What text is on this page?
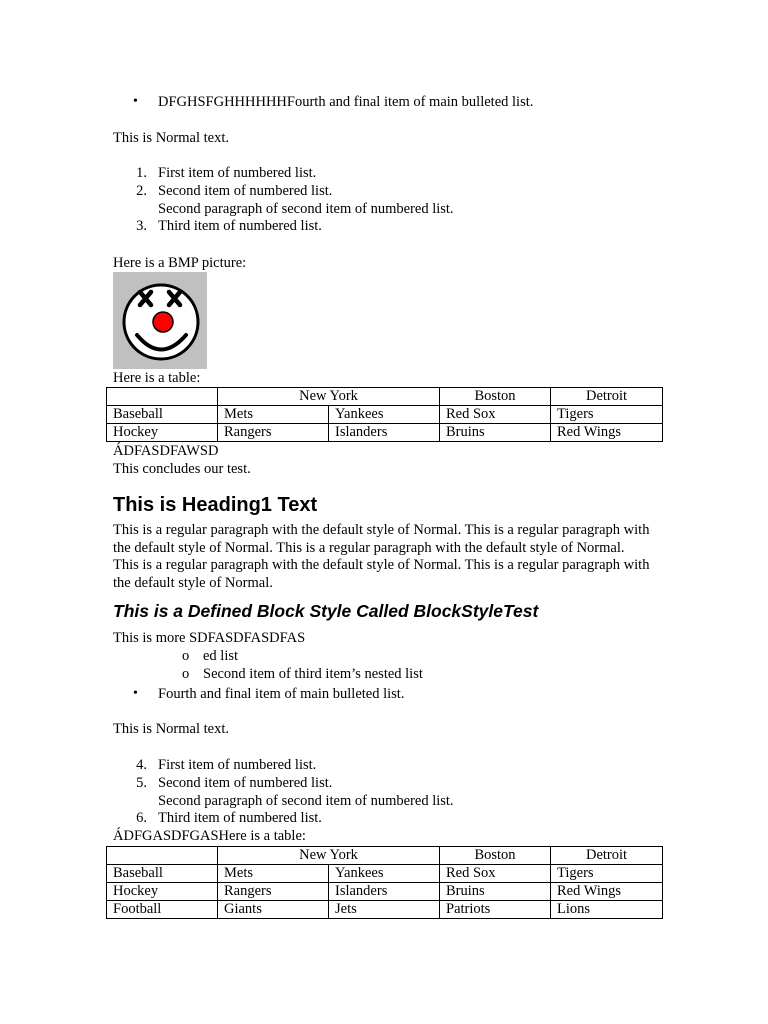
• DFGHSFGHHHHHHFourth and final item of main bulleted list.
This is Normal text.
1. First item of numbered list.
2. Second item of numbered list.
Second paragraph of second item of numbered list.
3. Third item of numbered list.
Here is a BMP picture:
Here is a table:
	New York		Boston	Detroit
Baseball	Mets	Yankees	Red Sox	Tigers
Hockey	Rangers	Islanders	Bruins	Red Wings
ÁDFASDFAWSD
This concludes our test.
This is Heading1 Text
This is a regular paragraph with the default style of Normal. This is a regular paragraph with the default style of Normal. This is a regular paragraph with the default style of Normal. This is a regular paragraph with the default style of Normal. This is a regular paragraph with the default style of Normal.
This is a Defined Block Style Called BlockStyleTest
This is more SDFASDFASDFAS
o ed list
o Second item of third item’s nested list
• Fourth and final item of main bulleted list.
This is Normal text.
4. First item of numbered list.
5. Second item of numbered list.
Second paragraph of second item of numbered list.
6. Third item of numbered list.
ÁDFGASDFGASHere is a table:
	New York		Boston	Detroit
Baseball	Mets	Yankees	Red Sox	Tigers
Hockey	Rangers	Islanders	Bruins	Red Wings
Football	Giants	Jets	Patriots	Lions
